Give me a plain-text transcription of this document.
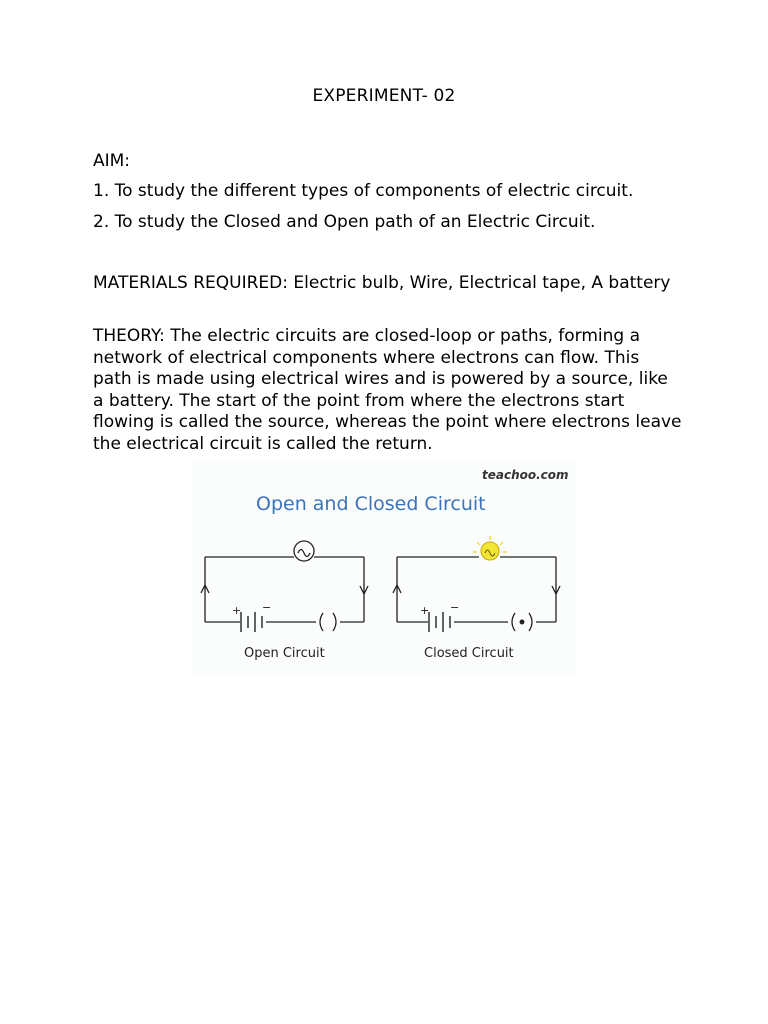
EXPERIMENT- 02
AIM:
1. To study the different types of components of electric circuit.
2. To study the Closed and Open path of an Electric Circuit.
MATERIALS REQUIRED: Electric bulb, Wire, Electrical tape, A battery
THEORY: The electric circuits are closed-loop or paths, forming a network of electrical components where electrons can flow. This path is made using electrical wires and is powered by a source, like a battery. The start of the point from where the electrons start flowing is called the source, whereas the point where electrons leave the electrical circuit is called the return.
teachoo.com
Open and Closed Circuit
+ −
Open Circuit
+ −
Closed Circuit
